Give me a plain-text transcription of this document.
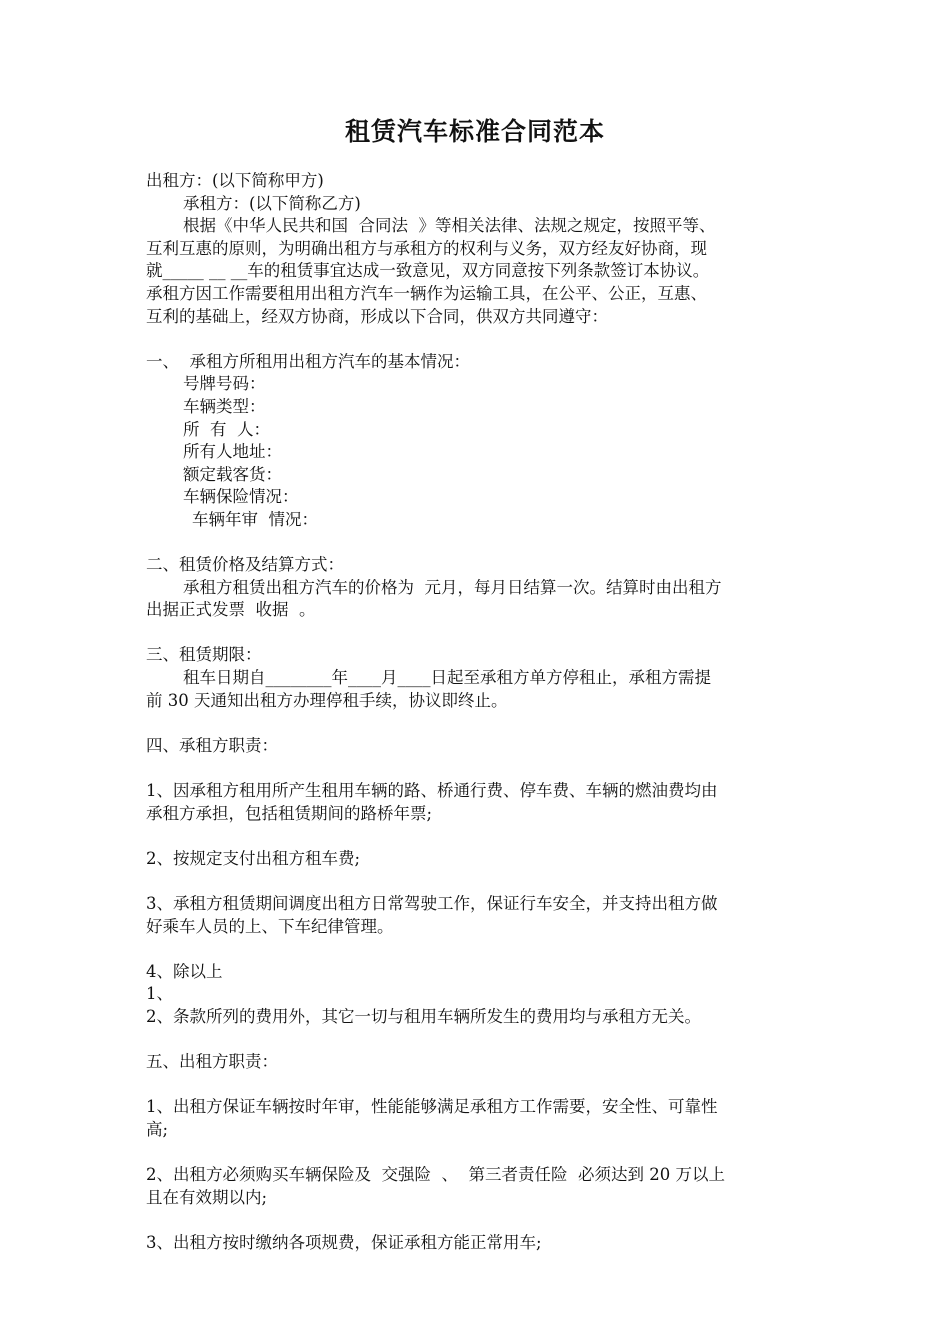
租赁汽车标准合同范本
出租方：(以下简称甲方)
承租方：(以下简称乙方)
根据《中华人民共和国  合同法  》等相关法律、法规之规定，按照平等、
互利互惠的原则，为明确出租方与承租方的权利与义务，双方经友好协商，现
就_____ __ __车的租赁事宜达成一致意见，双方同意按下列条款签订本协议。
承租方因工作需要租用出租方汽车一辆作为运输工具，在公平、公正，互惠、
互利的基础上，经双方协商，形成以下合同，供双方共同遵守：
一、  承租方所租用出租方汽车的基本情况：
号牌号码：
车辆类型：
所  有  人：
所有人地址：
额定载客货：
车辆保险情况：
车辆年审  情况：
二、租赁价格及结算方式：
承租方租赁出租方汽车的价格为  元月，每月日结算一次。结算时由出租方
出据正式发票  收据  。
三、租赁期限：
租车日期自________年____月____日起至承租方单方停租止，承租方需提
前 30 天通知出租方办理停租手续，协议即终止。
四、承租方职责：
1、因承租方租用所产生租用车辆的路、桥通行费、停车费、车辆的燃油费均由
承租方承担，包括租赁期间的路桥年票;
2、按规定支付出租方租车费;
3、承租方租赁期间调度出租方日常驾驶工作，保证行车安全，并支持出租方做
好乘车人员的上、下车纪律管理。
4、除以上
1、
2、条款所列的费用外，其它一切与租用车辆所发生的费用均与承租方无关。
五、出租方职责：
1、出租方保证车辆按时年审，性能能够满足承租方工作需要，安全性、可靠性
高;
2、出租方必须购买车辆保险及  交强险  、  第三者责任险  必须达到 20 万以上
且在有效期以内;
3、出租方按时缴纳各项规费，保证承租方能正常用车;
